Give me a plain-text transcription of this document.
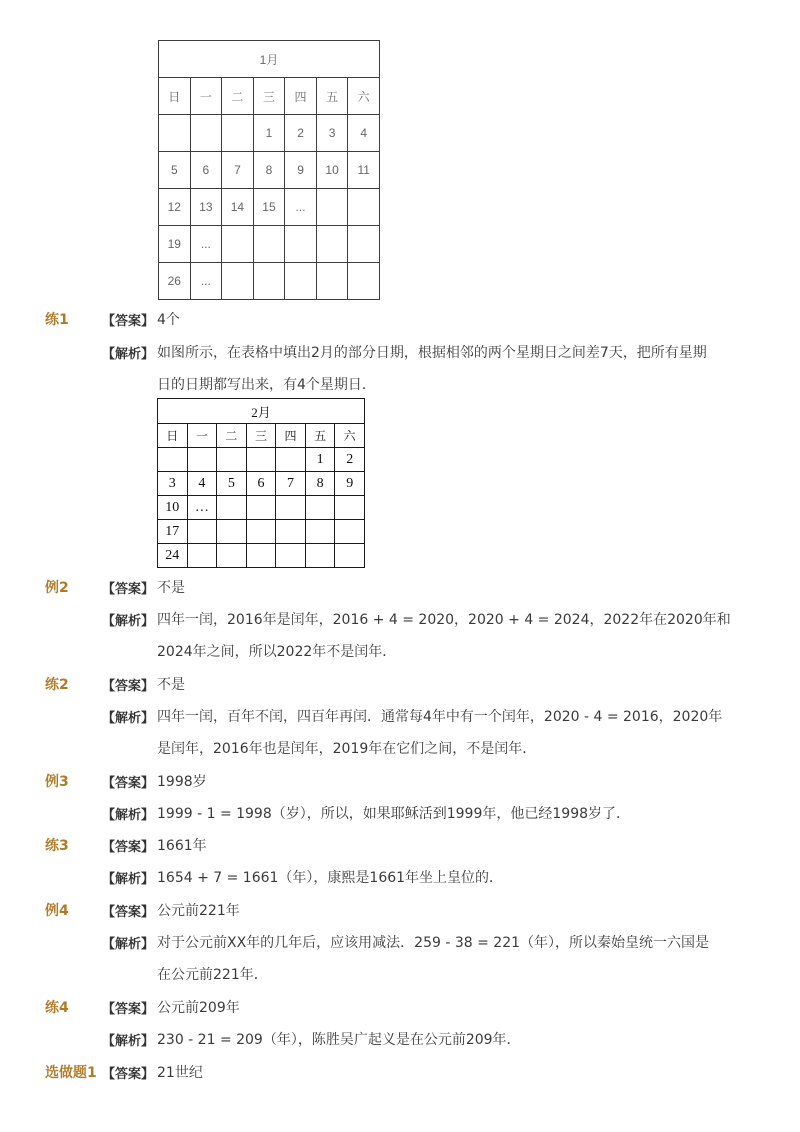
1月						
日	一	二	三	四	五	六
			1	2	3	4
5	6	7	8	9	10	11
12	13	14	15	...		
19	...					
26	...					
练1	【答案】 4个
【解析】 如图所示，在表格中填出2月的部分日期，根据相邻的两个星期日之间差7天，把所有星期
日的日期都写出来，有4个星期日．
2月						
日	一	二	三	四	五	六
					1	2
3	4	5	6	7	8	9
10	…					
17						
24						
例2	【答案】 不是
【解析】 四年一闰，2016年是闰年，2016 + 4 = 2020，2020 + 4 = 2024，2022年在2020年和
2024年之间，所以2022年不是闰年．
练2	【答案】 不是
【解析】 四年一闰，百年不闰，四百年再闰．通常每4年中有一个闰年，2020 - 4 = 2016，2020年
是闰年，2016年也是闰年，2019年在它们之间，不是闰年．
例3	【答案】 1998岁
【解析】 1999 - 1 = 1998（岁），所以，如果耶稣活到1999年，他已经1998岁了．
练3	【答案】 1661年
【解析】 1654 + 7 = 1661（年），康熙是1661年坐上皇位的．
例4	【答案】 公元前221年
【解析】 对于公元前XX年的几年后，应该用减法．259 - 38 = 221（年），所以秦始皇统一六国是
在公元前221年．
练4	【答案】 公元前209年
【解析】 230 - 21 = 209（年），陈胜吴广起义是在公元前209年．
选做题1 【答案】 21世纪
